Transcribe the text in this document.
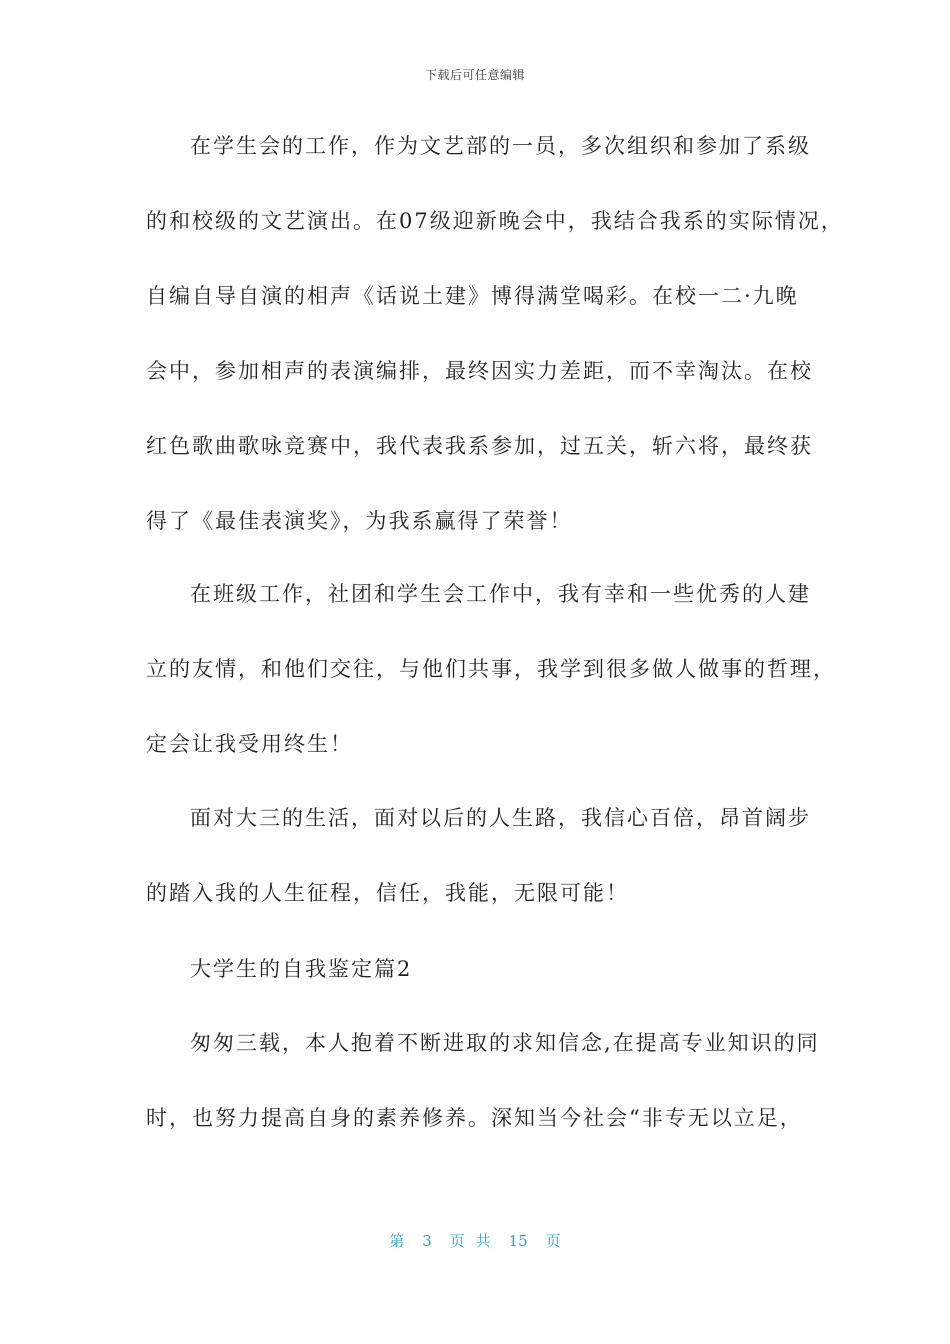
下载后可任意编辑
在学生会的工作，作为文艺部的一员，多次组织和参加了系级
的和校级的文艺演出。在07级迎新晚会中，我结合我系的实际情况，
自编自导自演的相声《话说土建》博得满堂喝彩。在校一二·九晚
会中，参加相声的表演编排，最终因实力差距，而不幸淘汰。在校
红色歌曲歌咏竞赛中，我代表我系参加，过五关，斩六将，最终获
得了《最佳表演奖》，为我系赢得了荣誉！
在班级工作，社团和学生会工作中，我有幸和一些优秀的人建
立的友情，和他们交往，与他们共事，我学到很多做人做事的哲理，
定会让我受用终生！
面对大三的生活，面对以后的人生路，我信心百倍，昂首阔步
的踏入我的人生征程，信任，我能，无限可能！
大学生的自我鉴定篇2
匆匆三载，本人抱着不断进取的求知信念,在提高专业知识的同
时，也努力提高自身的素养修养。深知当今社会“非专无以立足，
第 3 页 共 15 页
